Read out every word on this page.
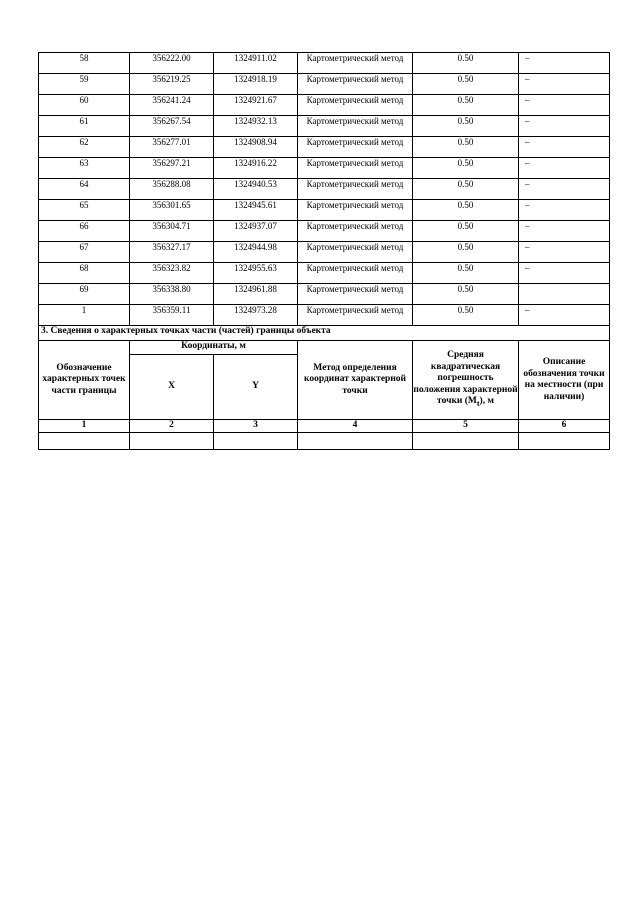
58	356222.00	1324911.02	Картометрический метод	0.50	–
59	356219.25	1324918.19	Картометрический метод	0.50	–
60	356241.24	1324921.67	Картометрический метод	0.50	–
61	356267.54	1324932.13	Картометрический метод	0.50	–
62	356277.01	1324908.94	Картометрический метод	0.50	–
63	356297.21	1324916.22	Картометрический метод	0.50	–
64	356288.08	1324940.53	Картометрический метод	0.50	–
65	356301.65	1324945.61	Картометрический метод	0.50	–
66	356304.71	1324937.07	Картометрический метод	0.50	–
67	356327.17	1324944.98	Картометрический метод	0.50	–
68	356323.82	1324955.63	Картометрический метод	0.50	–
69	356338.80	1324961.88	Картометрический метод	0.50	
1	356359.11	1324973.28	Картометрический метод	0.50	–
3. Сведения о характерных точках части (частей) границы объекта					
Обозначение характерных точек части границы	Координаты, м		Метод определения координат характерной точки	Средняя квадратическая погрешность положения характерной точки $(M_t)$, м	Описание обозначения точки на местности (при наличии)
	X	Y			
1	2	3	4	5	6
